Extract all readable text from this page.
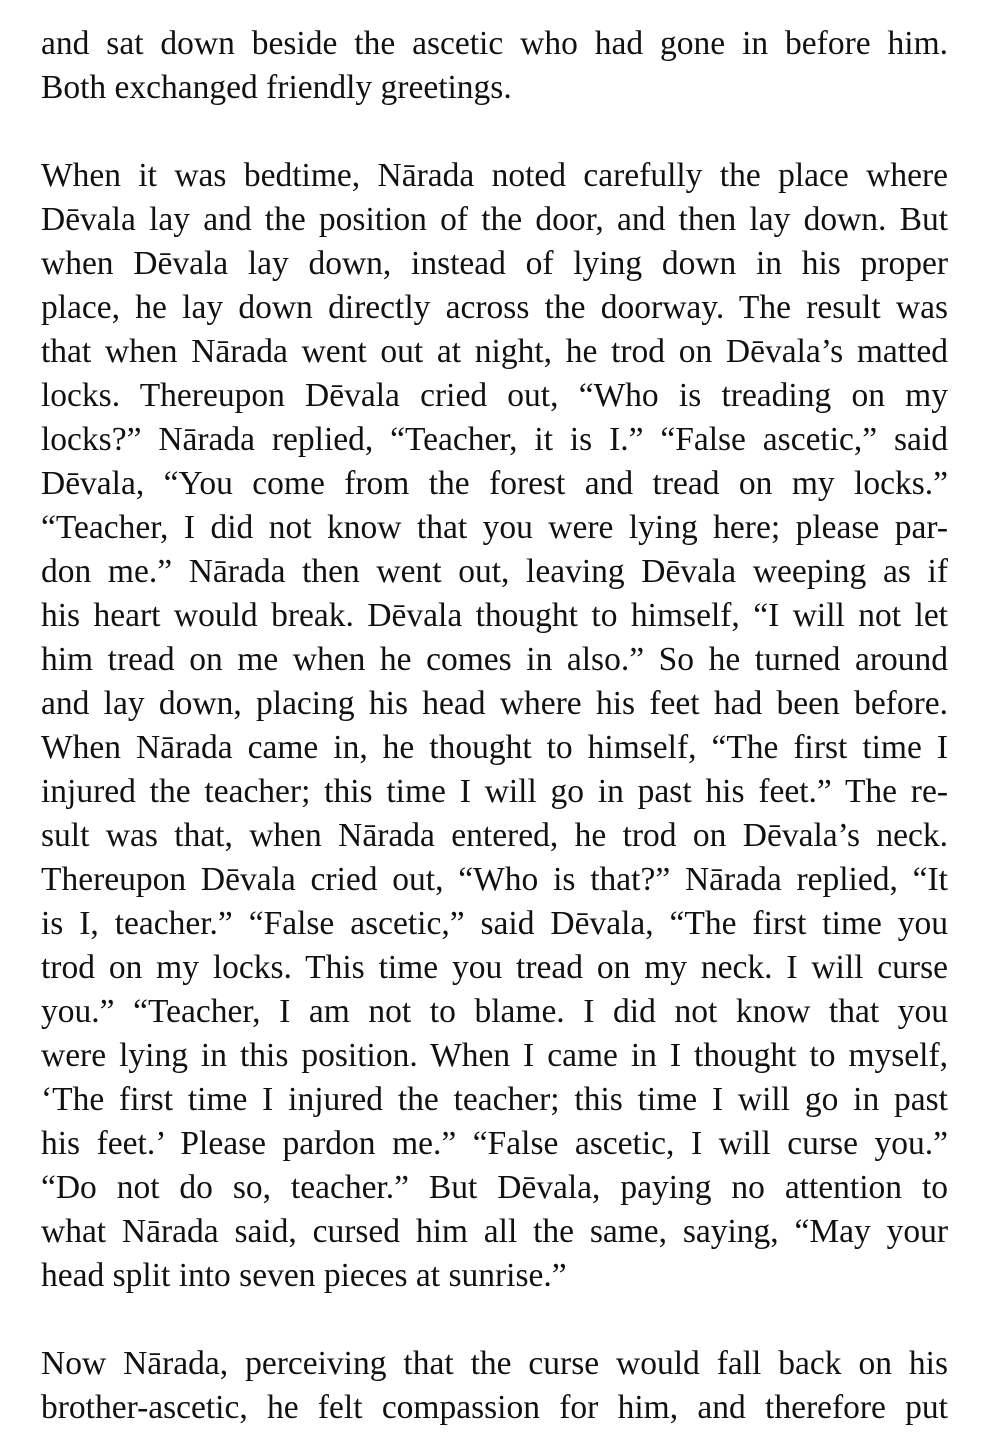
and sat down beside the ascetic who had gone in before him.
Both exchanged friendly greetings.

When it was bedtime, Nārada noted carefully the place where
Dēvala lay and the position of the door, and then lay down. But
when Dēvala lay down, instead of lying down in his proper
place, he lay down directly across the doorway. The result was
that when Nārada went out at night, he trod on Dēvala’s matted
locks. Thereupon Dēvala cried out, “Who is treading on my
locks?” Nārada replied, “Teacher, it is I.” “False ascetic,” said
Dēvala, “You come from the forest and tread on my locks.”
“Teacher, I did not know that you were lying here; please par-
don me.” Nārada then went out, leaving Dēvala weeping as if
his heart would break. Dēvala thought to himself, “I will not let
him tread on me when he comes in also.” So he turned around
and lay down, placing his head where his feet had been before.
When Nārada came in, he thought to himself, “The first time I
injured the teacher; this time I will go in past his feet.” The re-
sult was that, when Nārada entered, he trod on Dēvala’s neck.
Thereupon Dēvala cried out, “Who is that?” Nārada replied, “It
is I, teacher.” “False ascetic,” said Dēvala, “The first time you
trod on my locks. This time you tread on my neck. I will curse
you.” “Teacher, I am not to blame. I did not know that you
were lying in this position. When I came in I thought to myself,
‘The first time I injured the teacher; this time I will go in past
his feet.’ Please pardon me.” “False ascetic, I will curse you.”
“Do not do so, teacher.” But Dēvala, paying no attention to
what Nārada said, cursed him all the same, saying, “May your
head split into seven pieces at sunrise.”

Now Nārada, perceiving that the curse would fall back on his
brother-ascetic, he felt compassion for him, and therefore put
